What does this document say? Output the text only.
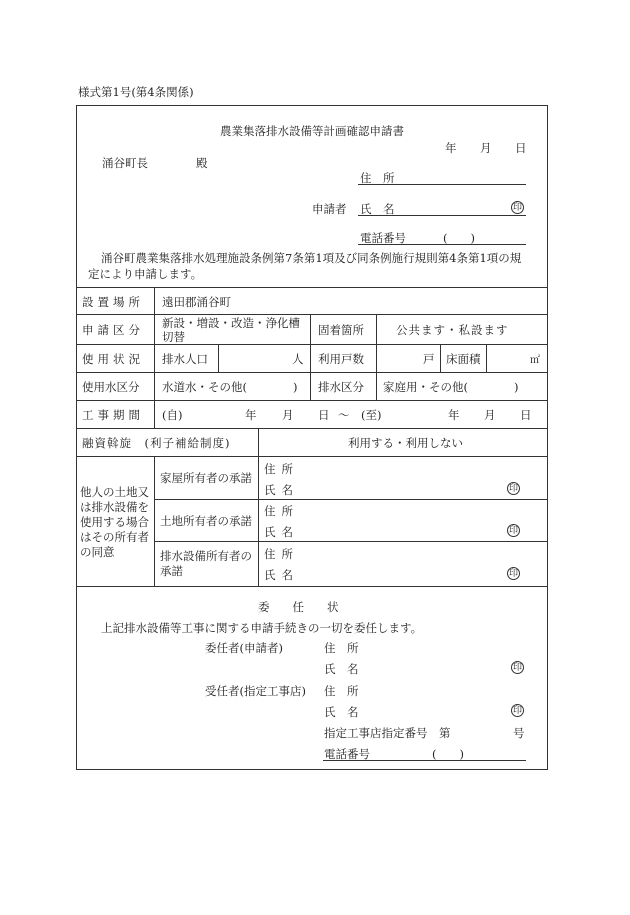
様式第1号(第4条関係)
農業集落排水設備等計画確認申請書
年 月 日
涌谷町長	殿
住　所
申請者 氏　名	印
電話番号	(　　)
涌谷町農業集落排水処理施設条例第7条第1項及び同条例施行規則第4条第1項の規
定により申請します。
設置場所 遠田郡涌谷町
申請区分 新設・増設・改造・浄化槽切替	固着箇所	公共ます・私設ます
使用状況 排水人口	人 利用戸数	戸 床面積	㎡
使用水区分 水道水・その他(　　　　) 排水区分 家庭用・その他(　　　　)
工事期間 (自)	年 月 日 ～　(至)	年 月 日
融資斡旋　(利子補給制度)	利用する・利用しない
他人の土地又は排水設備を使用する場合はその所有者の同意
家屋所有者の承諾
住所
氏名	印
土地所有者の承諾
住所
氏名	印
排水設備所有者の承諾
住所
氏名	印
委　　任　　状
上記排水設備等工事に関する申請手続きの一切を委任します。
委任者(申請者)	住　所
氏　名	印
受任者(指定工事店) 住　所
氏　名	印
指定工事店指定番号　第	号
電話番号	(　　)
